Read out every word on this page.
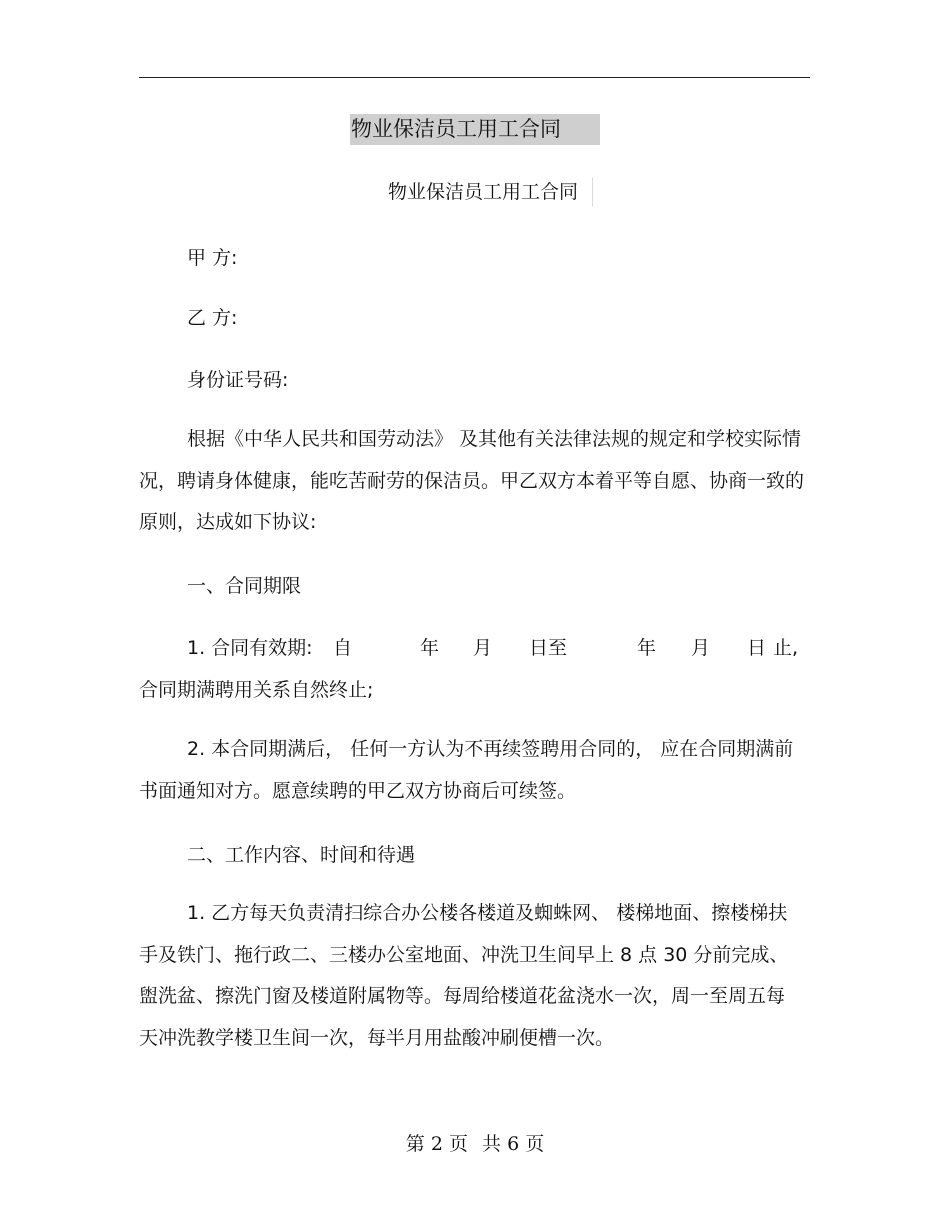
物业保洁员工用工合同
物业保洁员工用工合同
甲 方:
乙 方:
身份证号码:

根据《中华人民共和国劳动法》 及其他有关法律法规的规定和学校实际情况，聘请身体健康，能吃苦耐劳的保洁员。甲乙双方本着平等自愿、协商一致的原则，达成如下协议:

一、合同期限
1. 合同有效期: 自	年 月 日至	年 月 日 止,
合同期满聘用关系自然终止;

2. 本合同期满后， 任何一方认为不再续签聘用合同的， 应在合同期满前书面通知对方。愿意续聘的甲乙双方协商后可续签。

二、工作内容、时间和待遇

1. 乙方每天负责清扫综合办公楼各楼道及蜘蛛网、 楼梯地面、擦楼梯扶手及铁门、拖行政二、三楼办公室地面、冲洗卫生间早上 8 点 30 分前完成、盥洗盆、擦洗门窗及楼道附属物等。每周给楼道花盆浇水一次，周一至周五每天冲洗教学楼卫生间一次，每半月用盐酸冲刷便槽一次。

第 2 页 共 6 页
